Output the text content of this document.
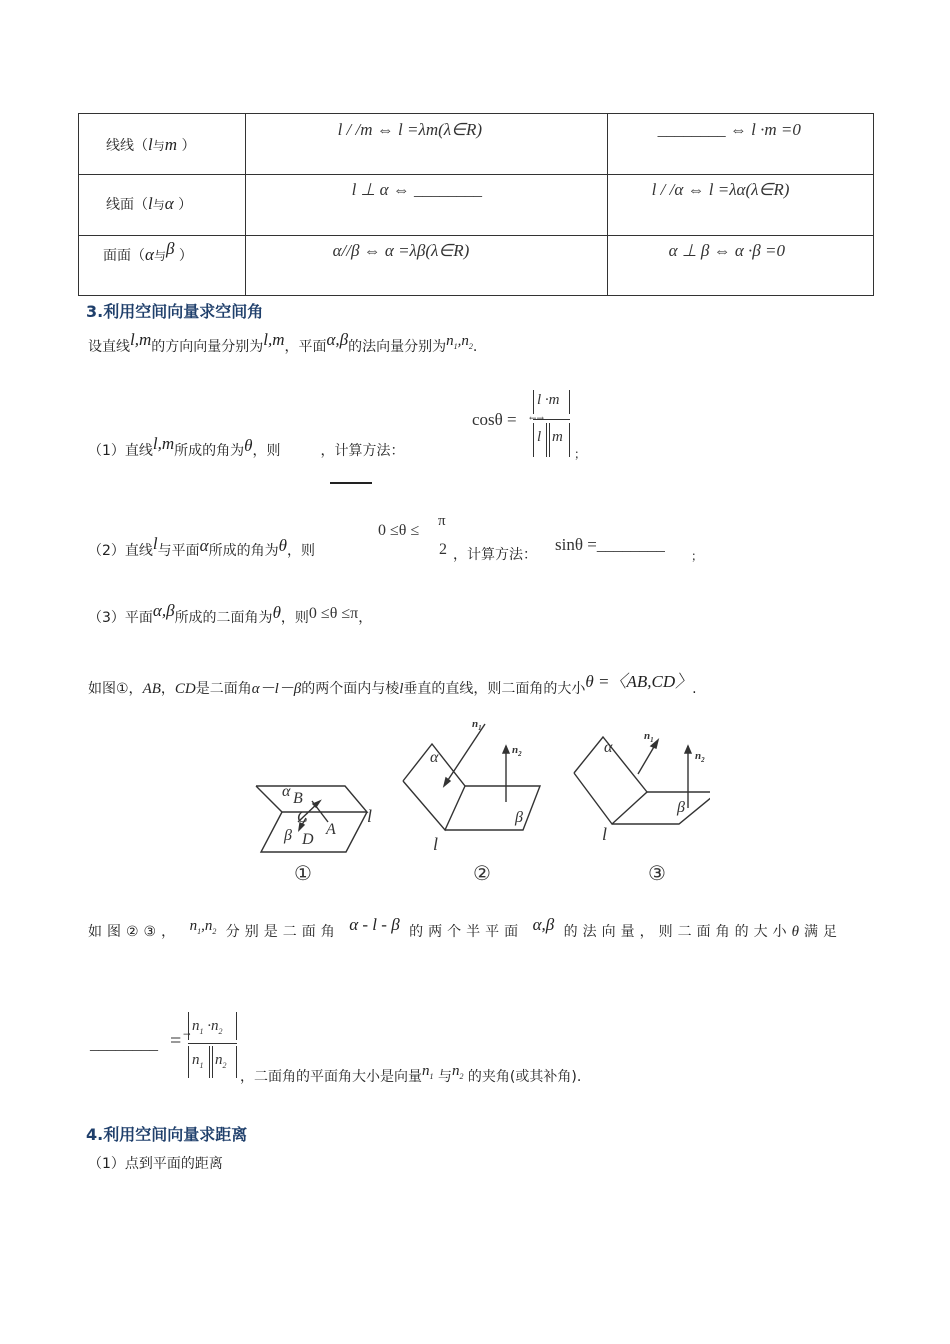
线线（l与m ）	l / /m ⇔ l =λm(λ∈R)	________ ⇔ l ·m =0

线面（l与α ）	l ⊥ α ⇔ ________	l / /α ⇔ l =λα(λ∈R)

面面（α与β ）	α//β ⇔ α =λβ(λ∈R)	α ⊥ β ⇔ α ·β =0
3.利用空间向量求空间角
设直线l,m的方向向量分别为l,m，平面α,β的法向量分别为$n_1,n_2$.
（1）直线l,m所成的角为θ，则	，计算方法：
cosθ =
l ·m
←→
l m
；
（2）直线l与平面α所成的角为θ，则
0 ≤θ ≤
π
2 ，计算方法：
sinθ =________
；
（3）平面α,β所成的二面角为θ，则0 ≤θ ≤π，
如图①，AB，CD是二面角α－l－β的两个面内与棱l垂直的直线，则二面角的大小θ =〈AB,CD〉.
α B
C
A
β D
l
α
β
l
α
β
l
$n_1$
$n_2$
$n_1$
$n_2$
①	②	③
如图②③， $n_1,n_2$ 分别是二面角 α - l - β 的两个半平面 α,β 的法向量，则二面角的大小θ满足
________ = →
$n_1 \cdot n_2$
$n_1$ $n_2$
，二面角的平面角大小是向量$n_1$ 与$n_2$ 的夹角(或其补角).
4.利用空间向量求距离
（1）点到平面的距离
